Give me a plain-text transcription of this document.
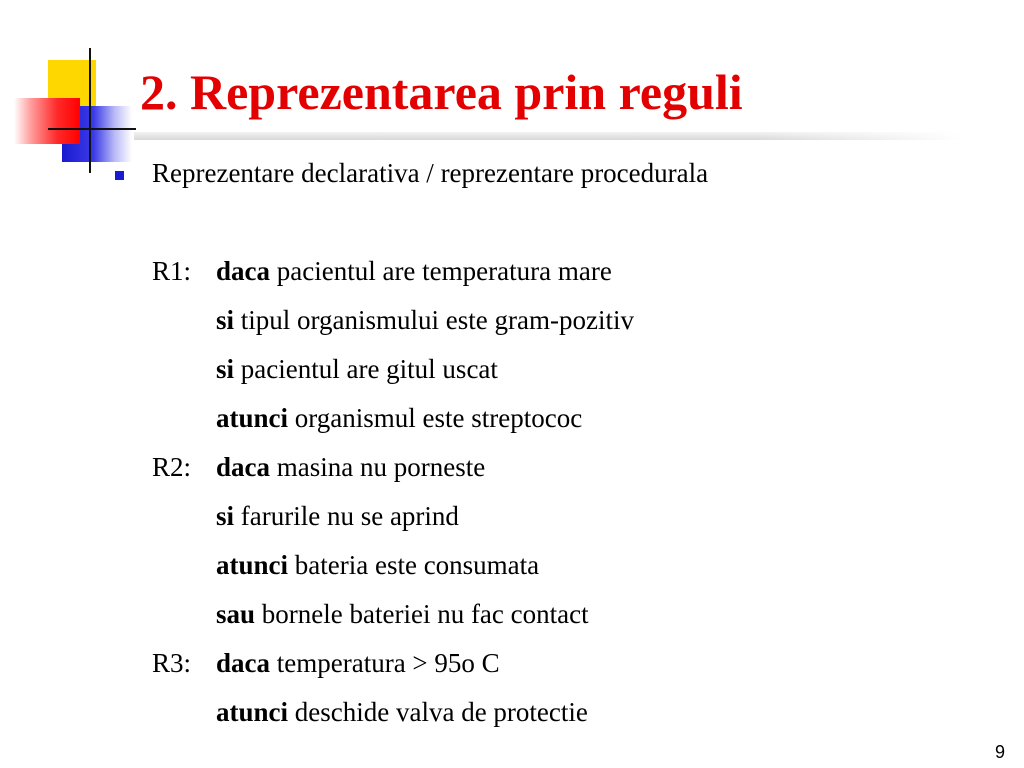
2. Reprezentarea prin reguli
Reprezentare declarativa / reprezentare procedurala
R1: daca pacientul are temperatura mare
si tipul organismului este gram-pozitiv
si pacientul are gitul uscat
atunci organismul este streptococ
R2: daca masina nu porneste
si farurile nu se aprind
atunci bateria este consumata
sau bornele bateriei nu fac contact
R3: daca temperatura > 95o C
atunci deschide valva de protectie
9
